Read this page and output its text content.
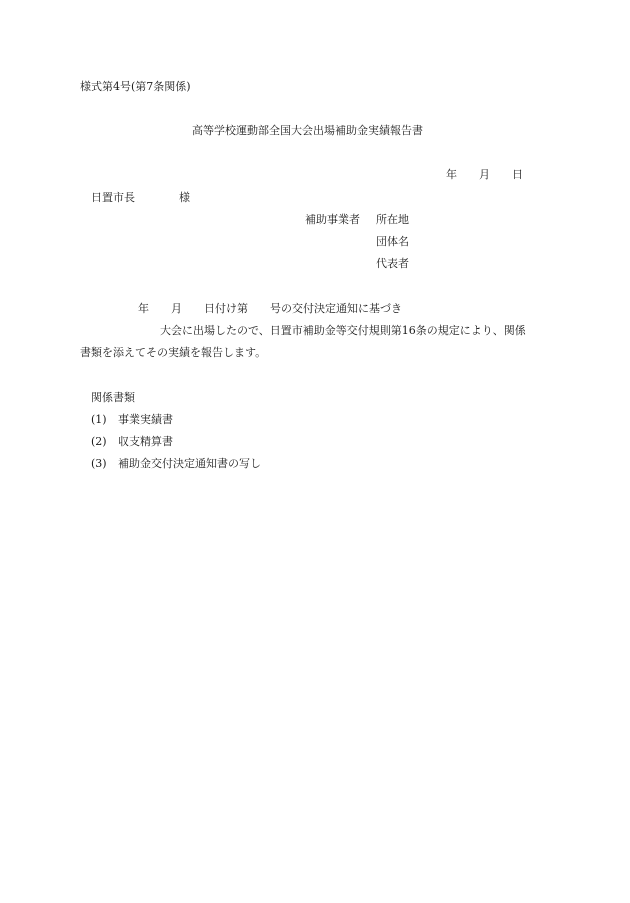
様式第4号(第7条関係)
高等学校運動部全国大会出場補助金実績報告書
年　　月　　日
日置市長　　　　様
補助事業者 所在地
団体名
代表者
年　　月　　日付け第　　号の交付決定通知に基づき
大会に出場したので、日置市補助金等交付規則第16条の規定により、関係
書類を添えてその実績を報告します。
関係書類
(1) 事業実績書
(2) 収支精算書
(3) 補助金交付決定通知書の写し
